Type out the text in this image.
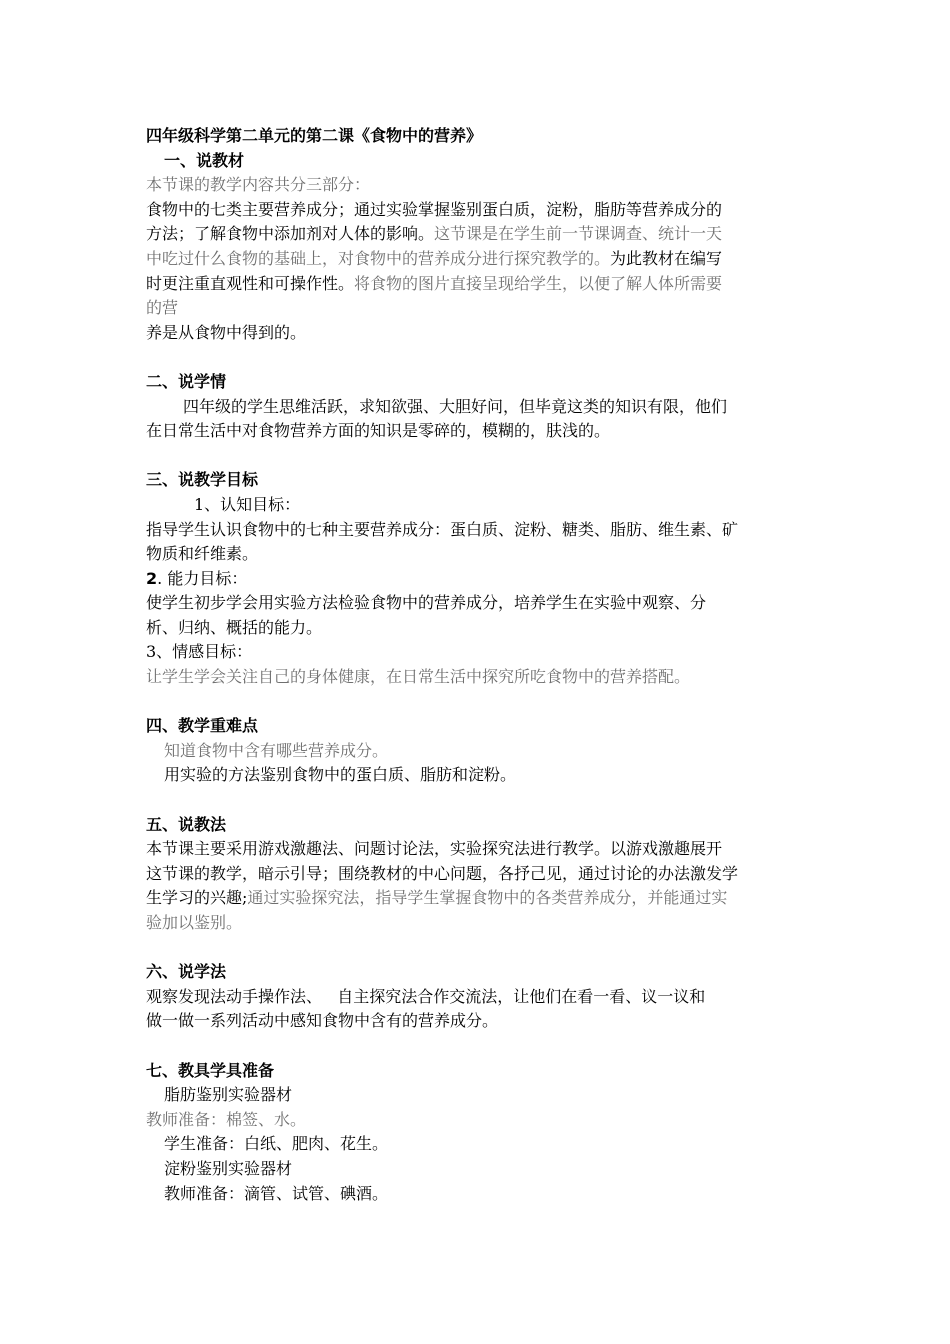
四年级科学第二单元的第二课《食物中的营养》

一、说教材

本节课的教学内容共分三部分：

食物中的七类主要营养成分；通过实验掌握鉴别蛋白质，淀粉，脂肪等营养成分的

方法；了解食物中添加剂对人体的影响。这节课是在学生前一节课调查、统计一天

中吃过什么食物的基础上，对食物中的营养成分进行探究教学的。为此教材在编写

时更注重直观性和可操作性。将食物的图片直接呈现给学生，以便了解人体所需要

的营

养是从食物中得到的。

二、说学情

四年级的学生思维活跃，求知欲强、大胆好问，但毕竟这类的知识有限，他们

在日常生活中对食物营养方面的知识是零碎的，模糊的，肤浅的。

三、说教学目标

1、认知目标：

指导学生认识食物中的七种主要营养成分：蛋白质、淀粉、糖类、脂肪、维生素、矿

物质和纤维素。

2. 能力目标：

使学生初步学会用实验方法检验食物中的营养成分，培养学生在实验中观察、分

析、归纳、概括的能力。

3、情感目标：

让学生学会关注自己的身体健康，在日常生活中探究所吃食物中的营养搭配。

四、教学重难点

知道食物中含有哪些营养成分。

用实验的方法鉴别食物中的蛋白质、脂肪和淀粉。

五、说教法

本节课主要采用游戏激趣法、问题讨论法，实验探究法进行教学。以游戏激趣展开

这节课的教学，暗示引导；围绕教材的中心问题，各抒己见，通过讨论的办法激发学

生学习的兴趣;通过实验探究法，指导学生掌握食物中的各类营养成分，并能通过实

验加以鉴别。

六、说学法

观察发现法动手操作法、   自主探究法合作交流法，让他们在看一看、议一议和

做一做一系列活动中感知食物中含有的营养成分。

七、教具学具准备

脂肪鉴别实验器材

教师准备：棉签、水。

学生准备：白纸、肥肉、花生。

淀粉鉴别实验器材

教师准备：滴管、试管、碘酒。
